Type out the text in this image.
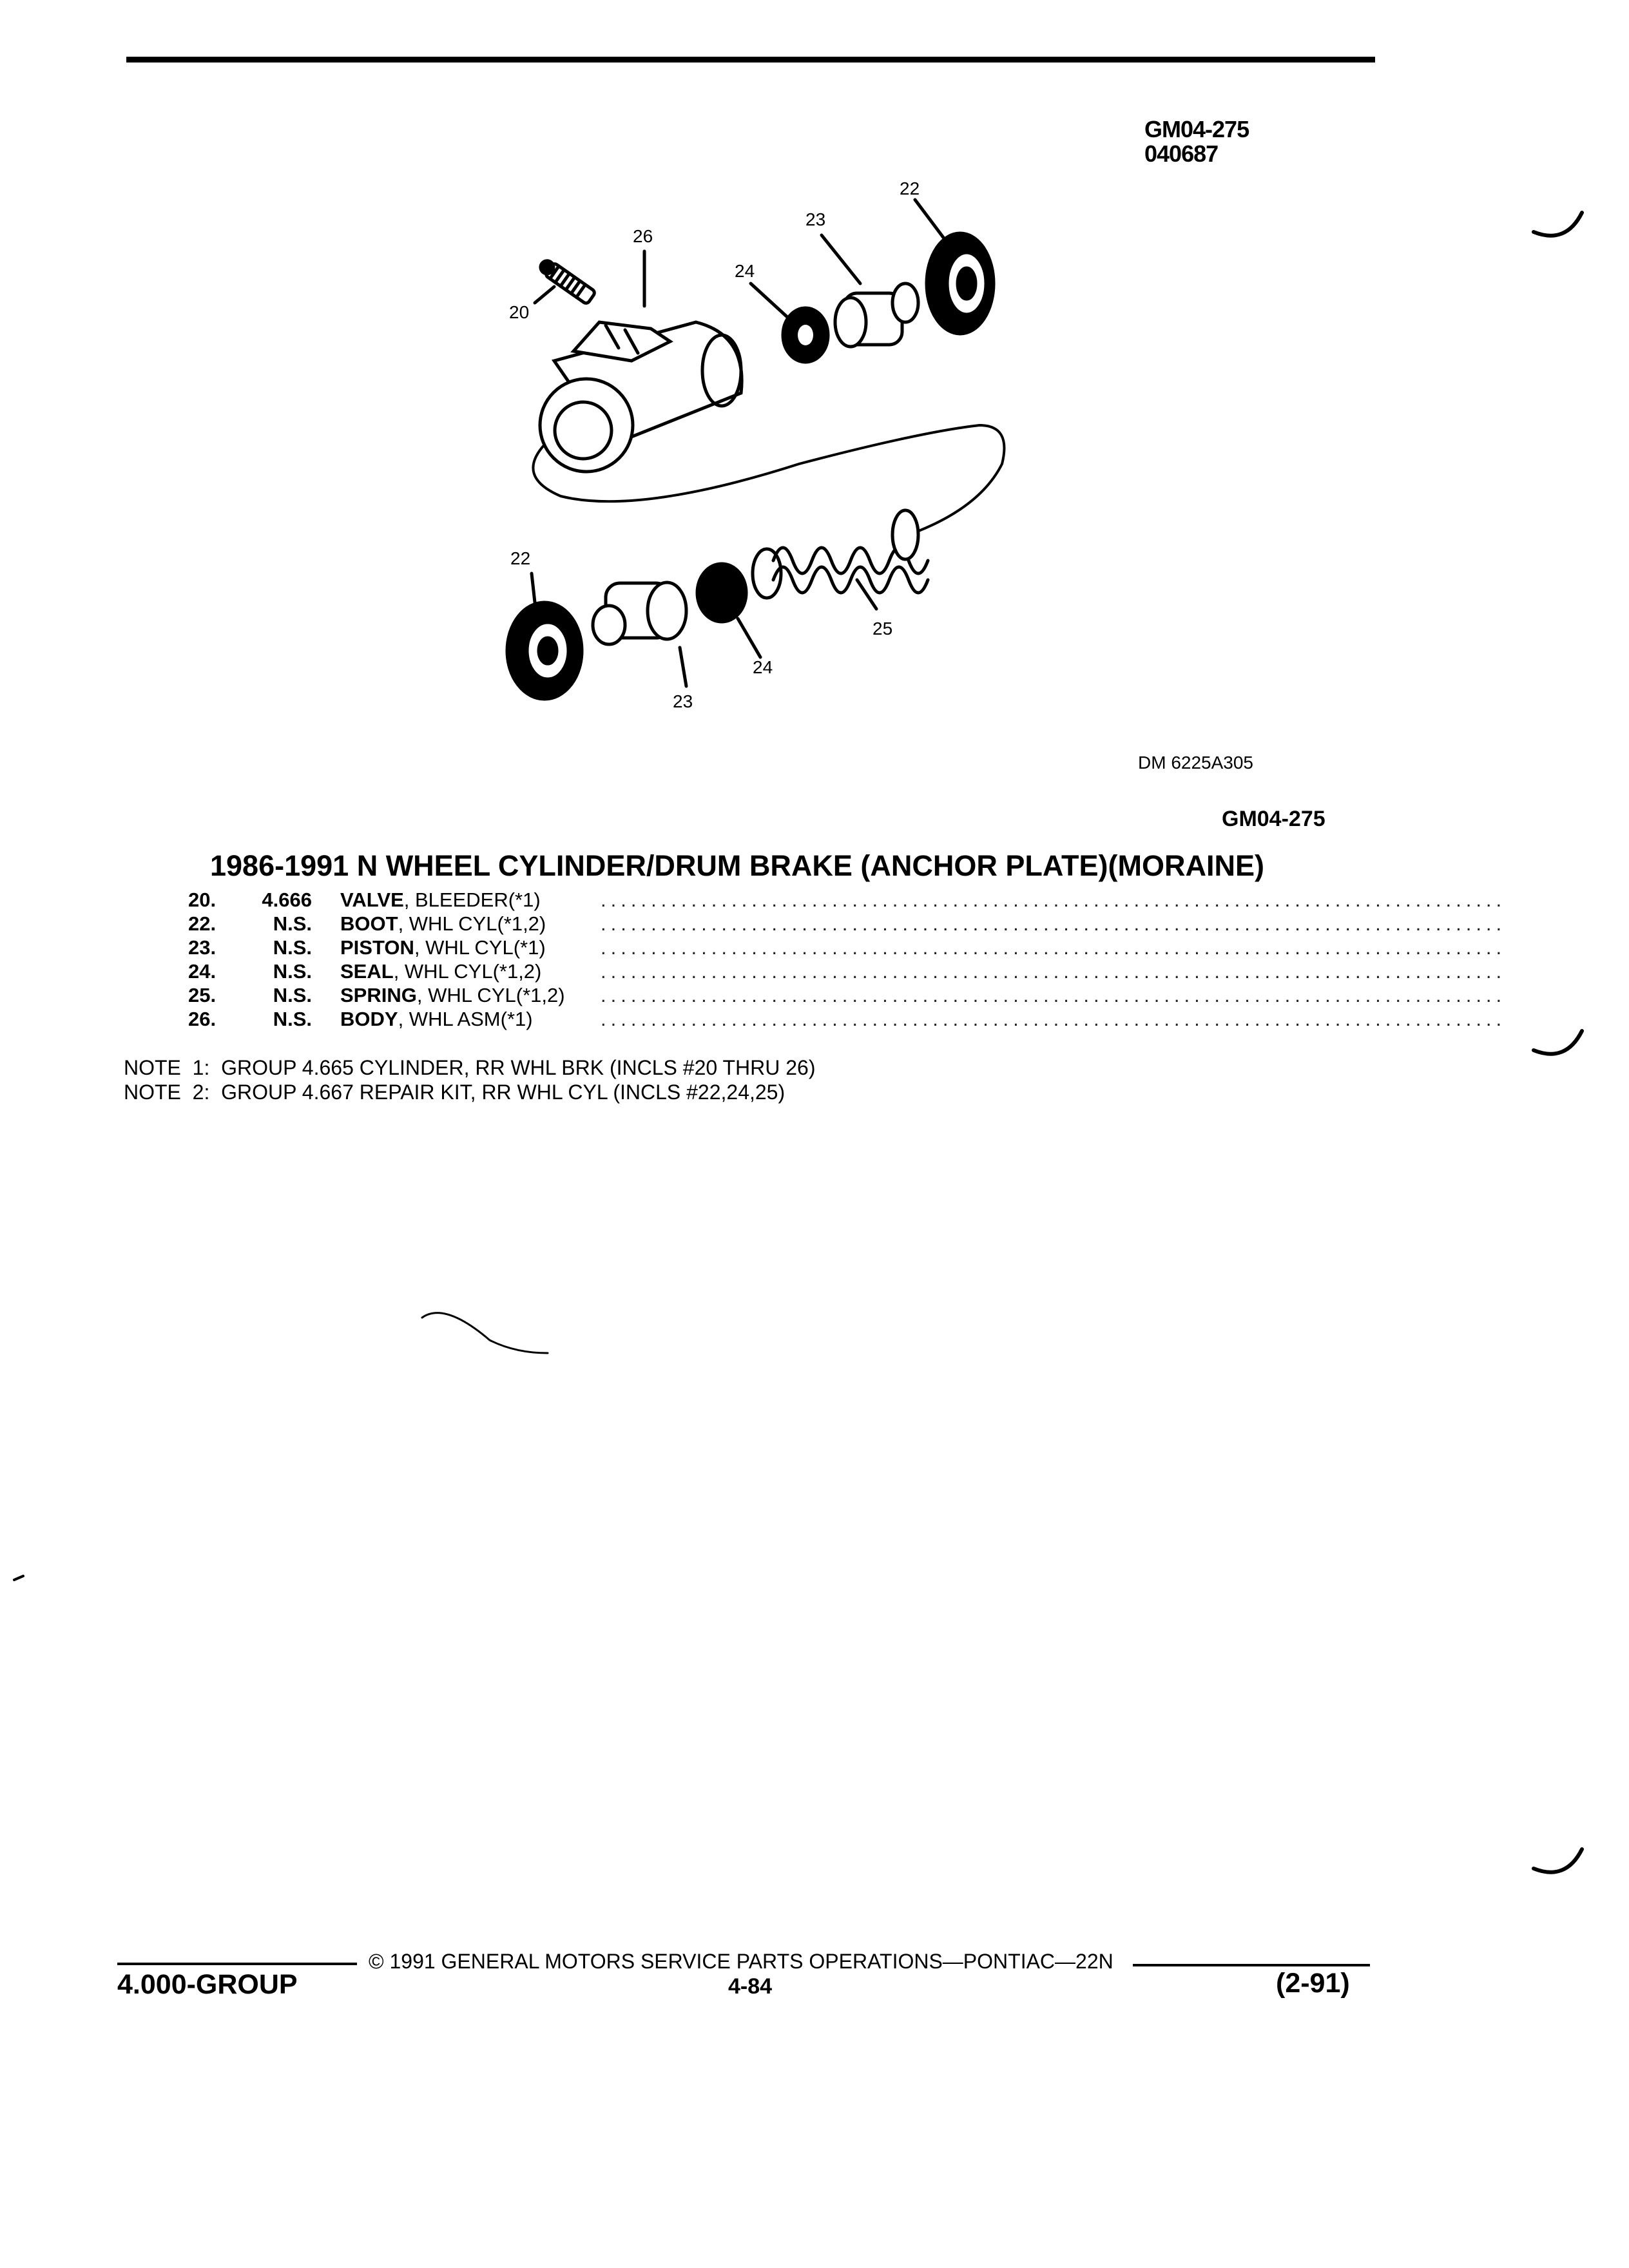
GM04-275
040687
20
26
24
23
22
22
23
24
25
DM 6225A305
GM04-275
1986-1991 N WHEEL CYLINDER/DRUM BRAKE (ANCHOR PLATE)(MORAINE)
20.	4.666 VALVE , BLEEDER(*1)	..........................................................................................
22.	N.S. BOOT , WHL CYL(*1,2)	..........................................................................................
23.	N.S. PISTON , WHL CYL(*1)	..........................................................................................
24.	N.S. SEAL , WHL CYL(*1,2)	..........................................................................................
25.	N.S. SPRING , WHL CYL(*1,2) ..........................................................................................
26.	N.S. BODY , WHL ASM(*1)	..........................................................................................
NOTE  1:  GROUP 4.665 CYLINDER, RR WHL BRK (INCLS #20 THRU 26)
NOTE  2:  GROUP 4.667 REPAIR KIT, RR WHL CYL (INCLS #22,24,25)
© 1991 GENERAL MOTORS SERVICE PARTS OPERATIONS—PONTIAC—22N
4.000-GROUP	4-84	(2-91)
